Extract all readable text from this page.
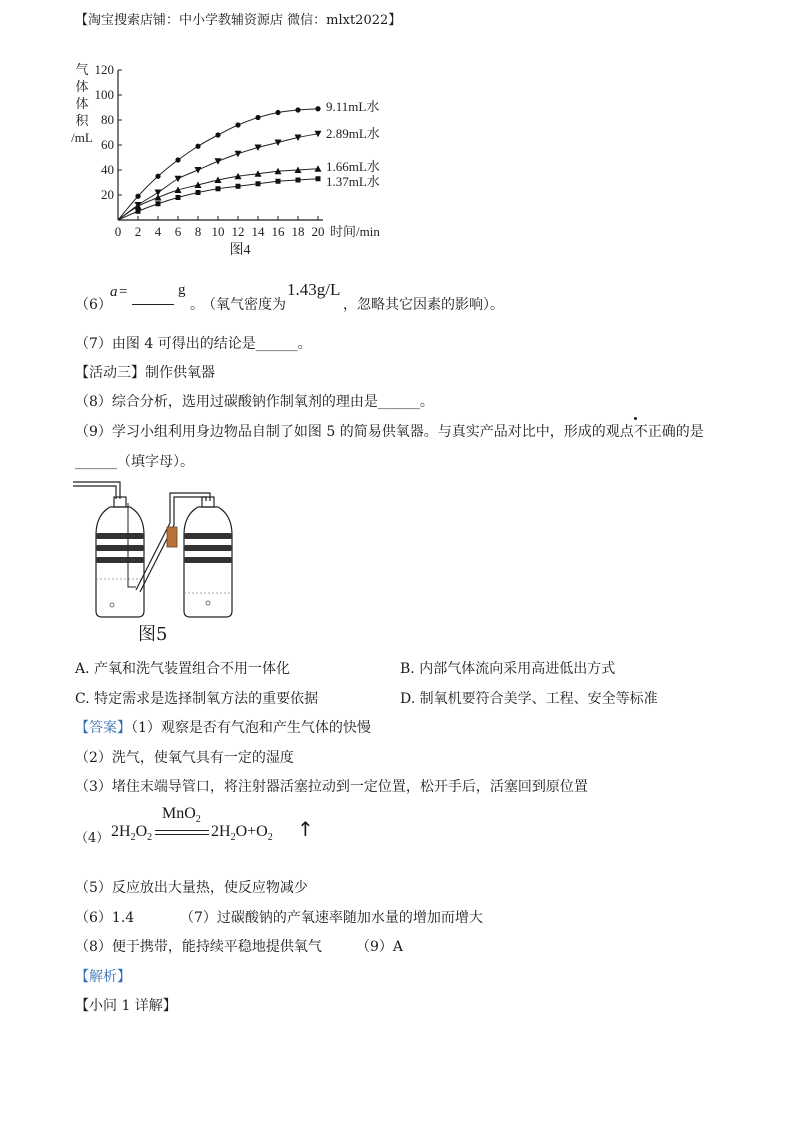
【淘宝搜索店铺：中小学教辅资源店 微信：mlxt2022】
20
40
60
80
100
120
0 2 4 6 8 10 12 14 16 18 20
气
体
体
积
/mL
时间/min
图4
9.11mL水
2.89mL水
1.66mL水
1.37mL水
（6）
a =	g
。
（氧气密度为
1.43g/L
，忽略其它因素的影响）。
（7）由图 4 可得出的结论是______。
【活动三】制作供氧器
（8）综合分析，选用过碳酸钠作制氧剂的理由是______。
（9）学习小组利用身边物品自制了如图 5 的简易供氧器。与真实产品对比中，形成的观点不正确的是
______（填字母）。
图5
A. 产氧和洗气装置组合不用一体化	B. 内部气体流向采用高进低出方式
C. 特定需求是选择制氧方法的重要依据	D. 制氧机要符合美学、工程、安全等标准
【答案】（1）观察是否有气泡和产生气体的快慢
（2）洗气，使氧气具有一定的湿度
（3）堵住末端导管口，将注射器活塞拉动到一定位置，松开手后，活塞回到原位置
（4） $2H_2O_2$
MnO$_2$
$2H_2O+O_2$ ↑
（5）反应放出大量热，使反应物减少
（6）1.4	（7）过碳酸钠的产氧速率随加水量的增加而增大
（8）便于携带，能持续平稳地提供氧气 （9）A
【解析】
【小问 1 详解】
